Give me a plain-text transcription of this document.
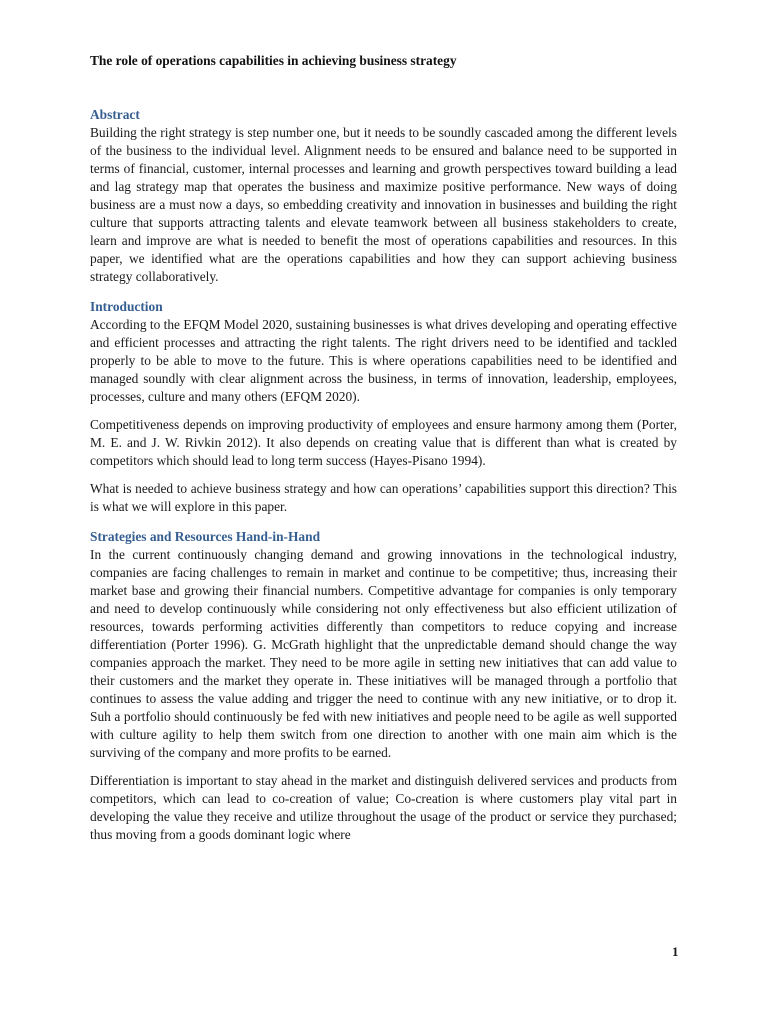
The role of operations capabilities in achieving business strategy

Abstract

Building the right strategy is step number one, but it needs to be soundly cascaded among the different levels of the business to the individual level. Alignment needs to be ensured and balance need to be supported in terms of financial, customer, internal processes and learning and growth perspectives toward building a lead and lag strategy map that operates the business and maximize positive performance. New ways of doing business are a must now a days, so embedding creativity and innovation in businesses and building the right culture that supports attracting talents and elevate teamwork between all business stakeholders to create, learn and improve are what is needed to benefit the most of operations capabilities and resources. In this paper, we identified what are the operations capabilities and how they can support achieving business strategy collaboratively.

Introduction

According to the EFQM Model 2020, sustaining businesses is what drives developing and operating effective and efficient processes and attracting the right talents. The right drivers need to be identified and tackled properly to be able to move to the future. This is where operations capabilities need to be identified and managed soundly with clear alignment across the business, in terms of innovation, leadership, employees, processes, culture and many others (EFQM 2020).

Competitiveness depends on improving productivity of employees and ensure harmony among them (Porter, M. E. and J. W. Rivkin 2012). It also depends on creating value that is different than what is created by competitors which should lead to long term success (Hayes-Pisano 1994).

What is needed to achieve business strategy and how can operations’ capabilities support this direction? This is what we will explore in this paper.

Strategies and Resources Hand-in-Hand

In the current continuously changing demand and growing innovations in the technological industry, companies are facing challenges to remain in market and continue to be competitive; thus, increasing their market base and growing their financial numbers. Competitive advantage for companies is only temporary and need to develop continuously while considering not only effectiveness but also efficient utilization of resources, towards performing activities differently than competitors to reduce copying and increase differentiation (Porter 1996). G. McGrath highlight that the unpredictable demand should change the way companies approach the market. They need to be more agile in setting new initiatives that can add value to their customers and the market they operate in. These initiatives will be managed through a portfolio that continues to assess the value adding and trigger the need to continue with any new initiative, or to drop it. Suh a portfolio should continuously be fed with new initiatives and people need to be agile as well supported with culture agility to help them switch from one direction to another with one main aim which is the surviving of the company and more profits to be earned.

Differentiation is important to stay ahead in the market and distinguish delivered services and products from competitors, which can lead to co-creation of value; Co-creation is where customers play vital part in developing the value they receive and utilize throughout the usage of the product or service they purchased; thus moving from a goods dominant logic where

1
